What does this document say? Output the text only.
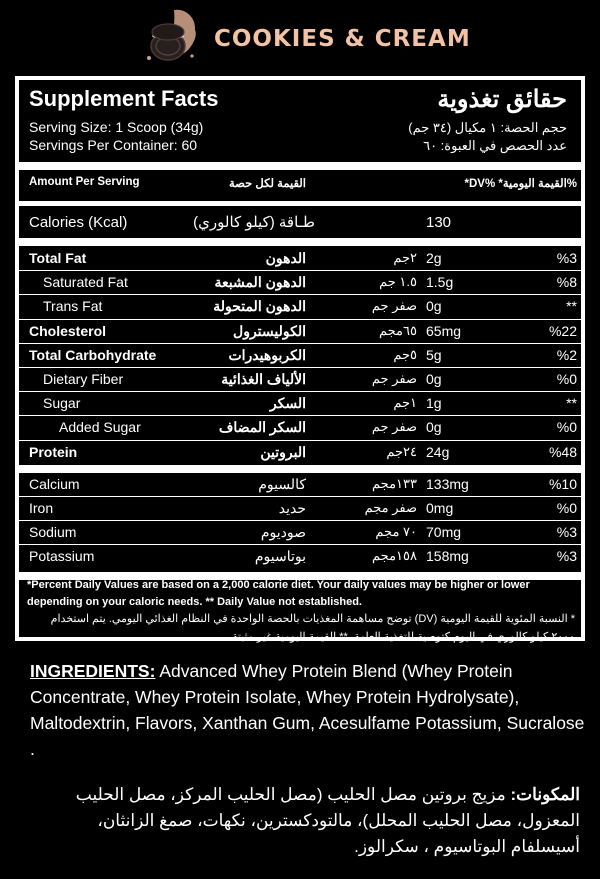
COOKIES & CREAM
Supplement Facts	حقائق تغذوية
Serving Size: 1 Scoop (34g)	حجم الحصة: ١ مكيال (٣٤ جم)
Servings Per Container: 60	عدد الحصص في العبوة: ٦٠
Amount Per Serving	القيمة لكل حصة	%القيمة اليومية* %DV*
Calories (Kcal)	طـاقة (كيلو كالوري)	130
Total Fat	الدهون	٢جم 2g	%3
Saturated Fat	الدهون المشبعة	١.٥ جم 1.5g	%8
Trans Fat	الدهون المتحولة	صفر جم 0g	**
Cholesterol	الكوليسترول	٦٥مجم 65mg	%22
Total Carbohydrate	الكربوهيدرات	٥جم 5g	%2
Dietary Fiber	الألياف الغذائية	صفر جم 0g	%0
Sugar	السكر	١جم 1g	**
Added Sugar	السكر المضاف	صفر جم 0g	%0
Protein	البروتين	٢٤جم 24g	%48
Calcium	كالسيوم	١٣٣مجم 133mg	%10
Iron	حديد	صفر مجم 0mg	%0
Sodium	صوديوم	٧٠ مجم 70mg	%3
Potassium	بوتاسيوم	١٥٨مجم 158mg	%3
*Percent Daily Values are based on a 2,000 calorie diet. Your daily values may be higher or lower depending on your caloric needs. ** Daily Value not established.
* النسبة المئوية للقيمة اليومية (DV) توضح مساهمة المغذيات بالحصة الواحدة في النظام الغذائي اليومي. يتم استخدام ٢٠٠٠ كيلو كالوري في اليوم كتوصية للتغذية العامة. ** القيمة اليومية غير مثبتة.
INGREDIENTS: Advanced Whey Protein Blend (Whey Protein Concentrate, Whey Protein Isolate, Whey Protein Hydrolysate), Maltodextrin, Flavors, Xanthan Gum, Acesulfame Potassium, Sucralose .
المكونات: مزيج بروتين مصل الحليب (مصل الحليب المركز، مصل الحليب المعزول، مصل الحليب المحلل)، مالتودكسترين، نكهات، صمغ الزانثان، أسيسلفام البوتاسيوم ، سكرالوز.
